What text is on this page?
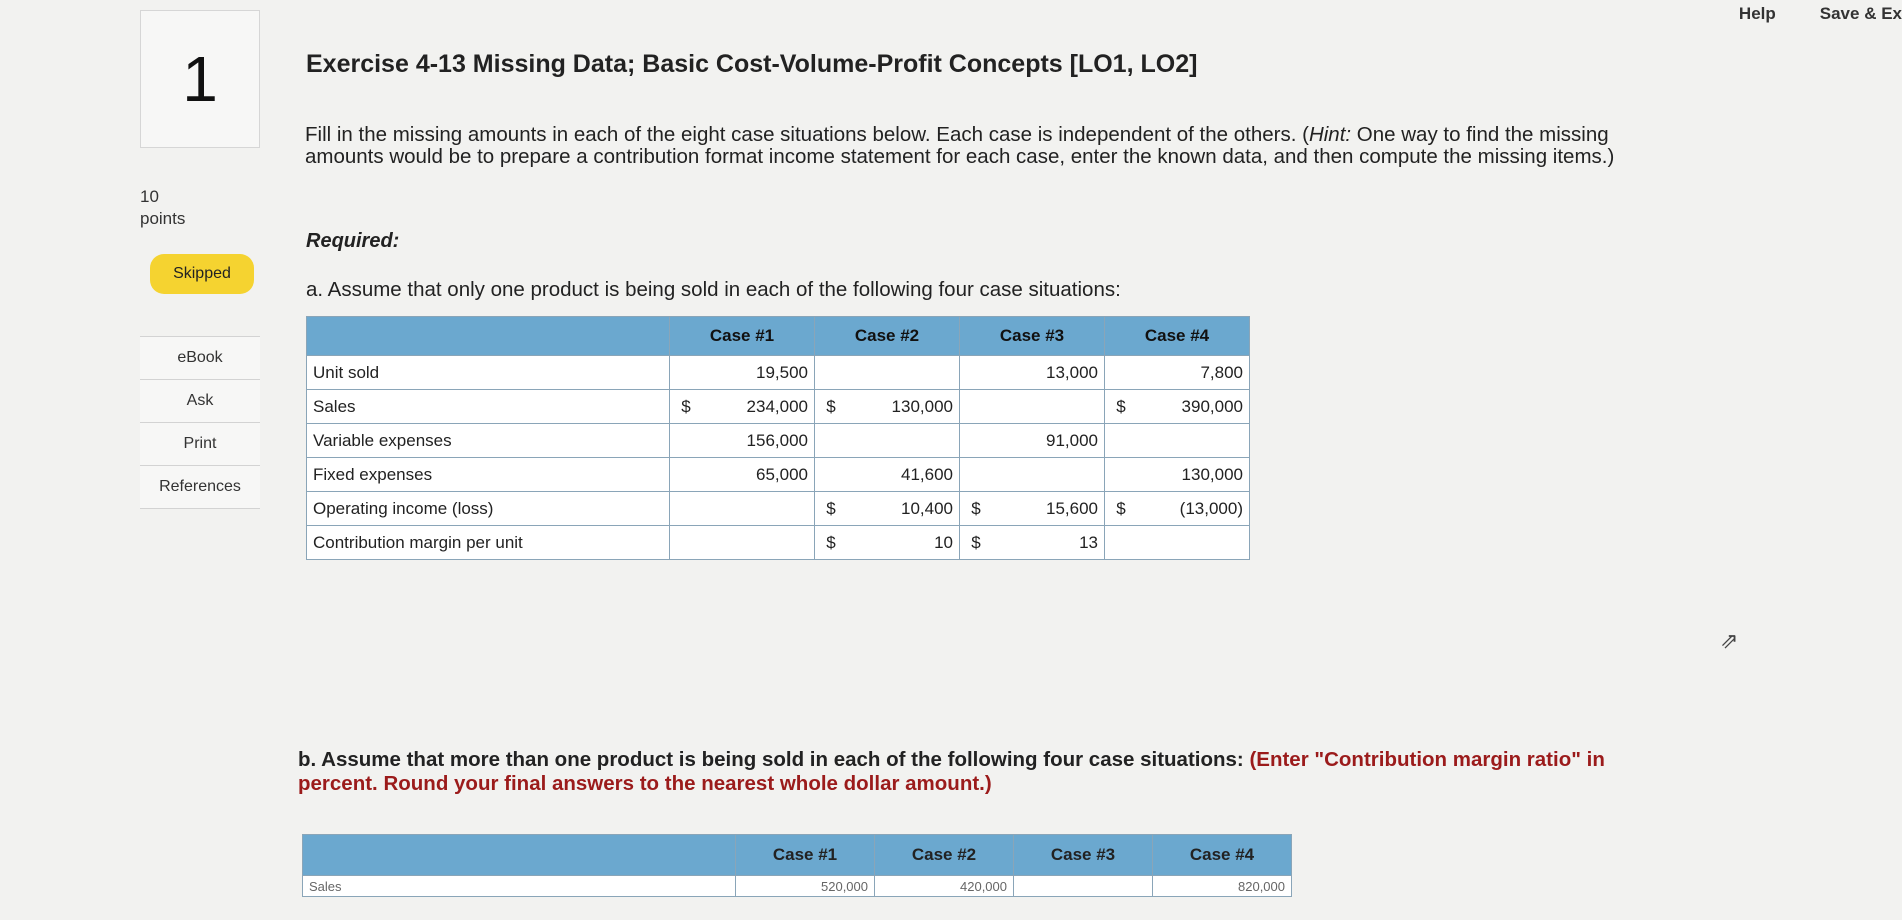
Help	Save & Ex
1
10
points
Skipped
eBook
Ask
Print
References
Exercise 4-13 Missing Data; Basic Cost-Volume-Profit Concepts [LO1, LO2]
Fill in the missing amounts in each of the eight case situations below. Each case is independent of the others. (Hint: One way to find the missing amounts would be to prepare a contribution format income statement for each case, enter the known data, and then compute the missing items.)
Required:
a. Assume that only one product is being sold in each of the following four case situations:
	Case #1		Case #2		Case #3		Case #4	
Unit sold		19,500				13,000		7,800
Sales	$	234,000	$	130,000			$	390,000
Variable expenses		156,000				91,000		
Fixed expenses		65,000		41,600				130,000
Operating income (loss)			$	10,400	$	15,600	$	(13,000)
Contribution margin per unit			$	10	$	13		
b. Assume that more than one product is being sold in each of the following four case situations: (Enter "Contribution margin ratio" in percent. Round your final answers to the nearest whole dollar amount.)
	Case #1	Case #2	Case #3	Case #4
Sales	520,000	420,000		820,000
⇗
